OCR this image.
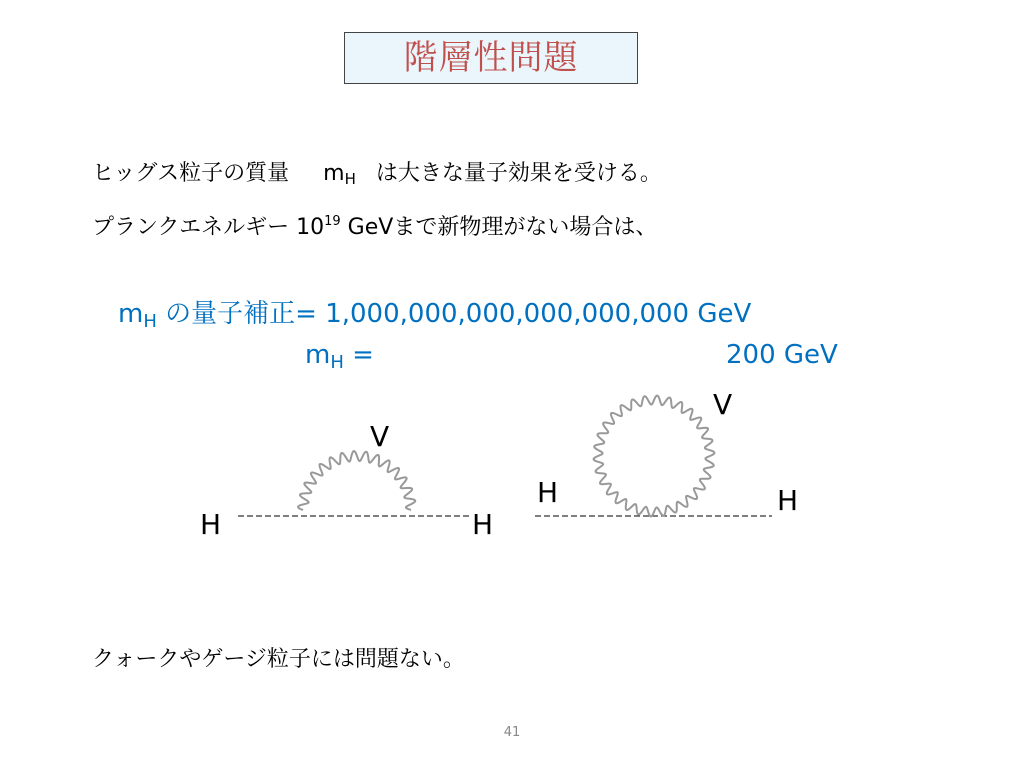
階層性問題
ヒッグス粒子の質量 $m_H$ は大きな量子効果を受ける。
プランクエネルギー $10^{19}$ GeVまで新物理がない場合は、
$m_H$ の量子補正= 1,000,000,000,000,000,000 GeV
$m_H$ =	200 GeV
H	H
V
H	H
V
クォークやゲージ粒子には問題ない。
41
